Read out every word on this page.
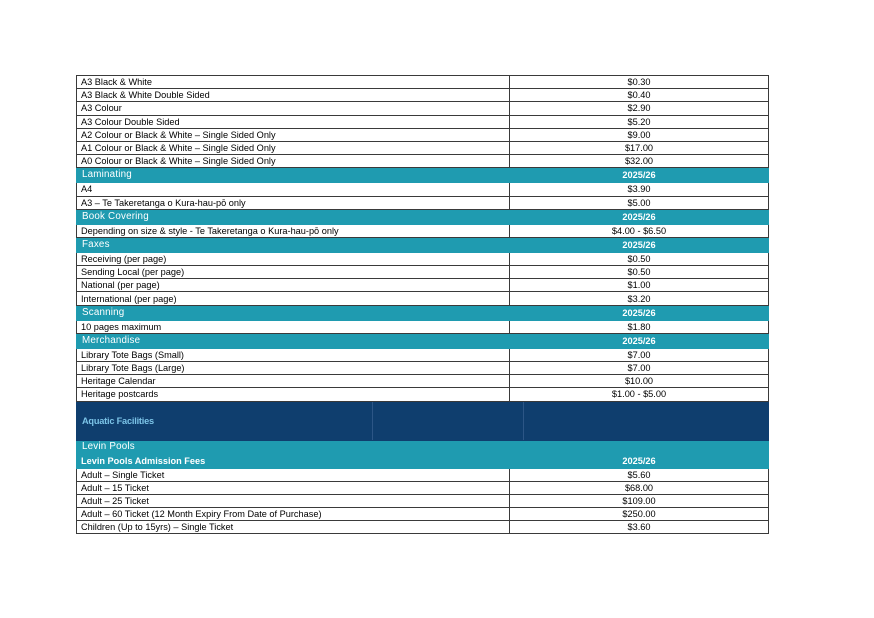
A3 Black & White	$0.30
A3 Black & White Double Sided	$0.40
A3 Colour	$2.90
A3 Colour Double Sided	$5.20
A2 Colour or Black & White – Single Sided Only	$9.00
A1 Colour or Black & White – Single Sided Only	$17.00
A0 Colour or Black & White – Single Sided Only	$32.00
Laminating	2025/26
A4	$3.90
A3 – Te Takeretanga o Kura-hau-pō only	$5.00
Book Covering	2025/26
Depending on size & style - Te Takeretanga o Kura-hau-pō only	$4.00 - $6.50
Faxes	2025/26
Receiving (per page)	$0.50
Sending Local (per page)	$0.50
National (per page)	$1.00
International (per page)	$3.20
Scanning	2025/26
10 pages maximum	$1.80
Merchandise	2025/26
Library Tote Bags (Small)	$7.00
Library Tote Bags (Large)	$7.00
Heritage Calendar	$10.00
Heritage postcards	$1.00 - $5.00

Aquatic Facilities	

Levin Pools	
Levin Pools Admission Fees	2025/26
Adult – Single Ticket	$5.60
Adult – 15 Ticket	$68.00
Adult – 25 Ticket	$109.00
Adult – 60 Ticket (12 Month Expiry From Date of Purchase)	$250.00
Children (Up to 15yrs) – Single Ticket	$3.60
